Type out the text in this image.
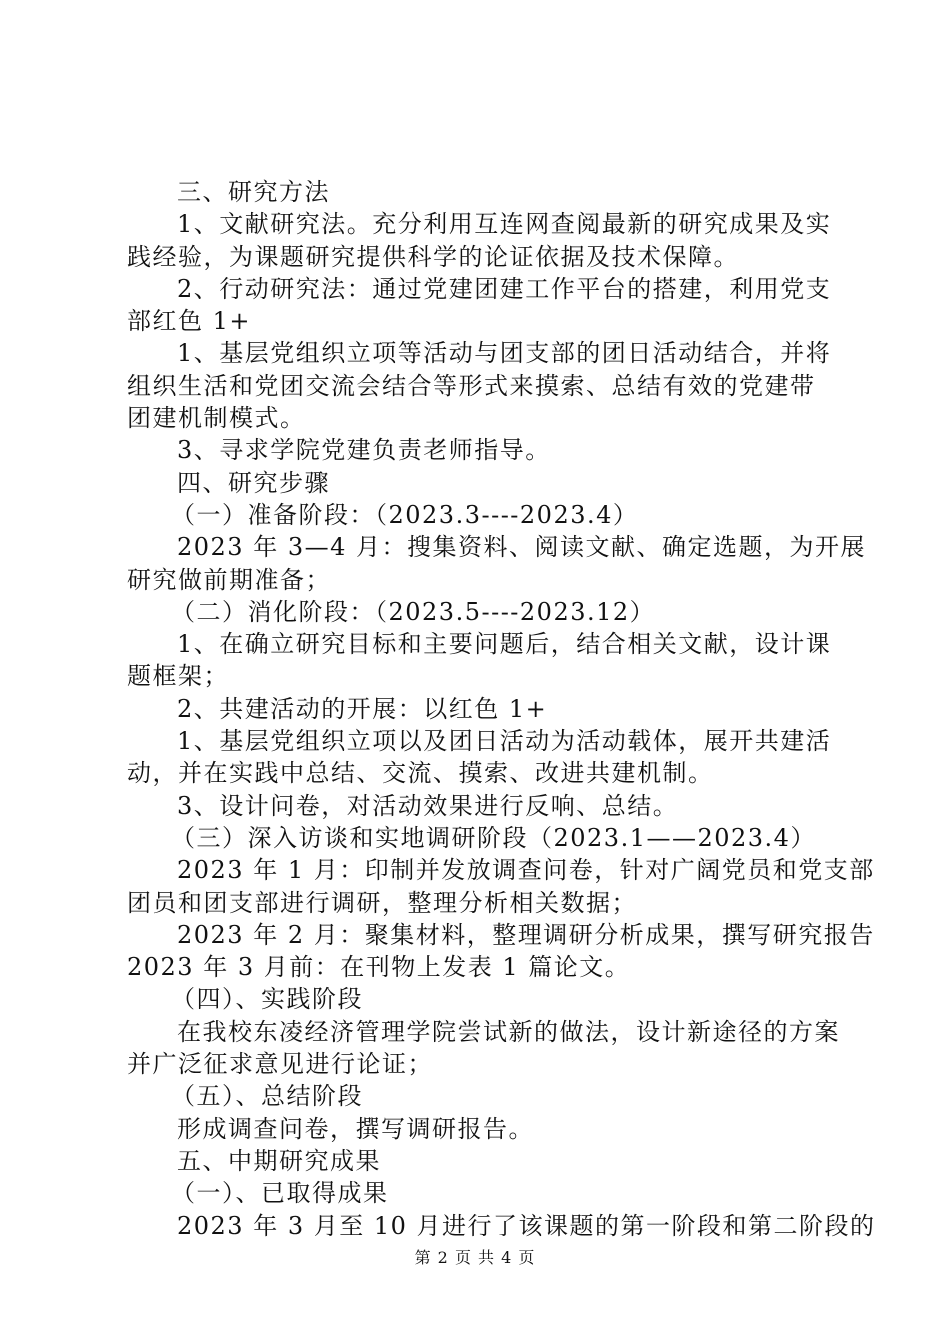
三、研究方法
1、文献研究法。充分利用互连网查阅最新的研究成果及实
践经验，为课题研究提供科学的论证依据及技术保障。
2、行动研究法：通过党建团建工作平台的搭建，利用党支
部红色 1+
1、基层党组织立项等活动与团支部的团日活动结合，并将
组织生活和党团交流会结合等形式来摸索、总结有效的党建带
团建机制模式。
3、寻求学院党建负责老师指导。
四、研究步骤
（一）准备阶段：（2023.3----2023.4）
2023 年 3—4 月：搜集资料、阅读文献、确定选题，为开展
研究做前期准备；
（二）消化阶段：（2023.5----2023.12）
1、在确立研究目标和主要问题后，结合相关文献，设计课
题框架；
2、共建活动的开展：以红色 1+
1、基层党组织立项以及团日活动为活动载体，展开共建活
动，并在实践中总结、交流、摸索、改进共建机制。
3、设计问卷，对活动效果进行反响、总结。
（三）深入访谈和实地调研阶段（2023.1——2023.4）
2023 年 1 月：印制并发放调查问卷，针对广阔党员和党支部
团员和团支部进行调研，整理分析相关数据；
2023 年 2 月：聚集材料，整理调研分析成果，撰写研究报告
2023 年 3 月前：在刊物上发表 1 篇论文。
（四）、实践阶段
在我校东凌经济管理学院尝试新的做法，设计新途径的方案
并广泛征求意见进行论证；
（五）、总结阶段
形成调查问卷，撰写调研报告。
五、中期研究成果
（一）、已取得成果
2023 年 3 月至 10 月进行了该课题的第一阶段和第二阶段的
第 2 页 共 4 页
